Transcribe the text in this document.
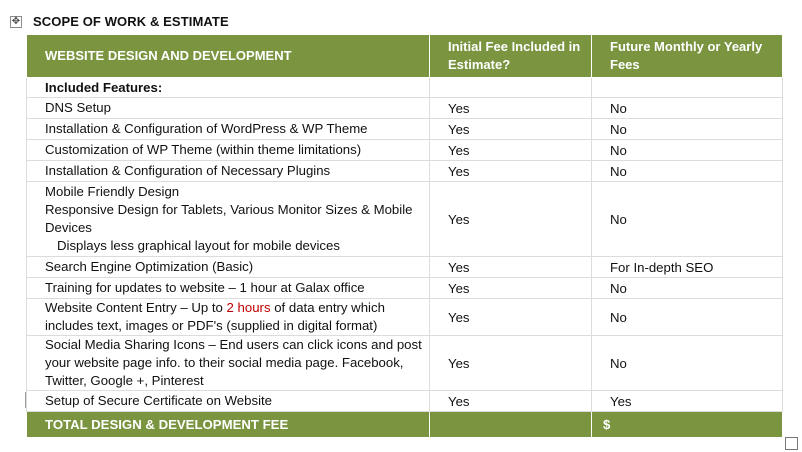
✥ SCOPE OF WORK & ESTIMATE
WEBSITE DESIGN AND DEVELOPMENT	Initial Fee Included in Estimate?	Future Monthly or Yearly Fees
Included Features:		
DNS Setup	Yes	No
Installation & Configuration of WordPress & WP Theme	Yes	No
Customization of WP Theme (within theme limitations)	Yes	No
Installation & Configuration of Necessary Plugins	Yes	No

Mobile Friendly Design
Responsive Design for Tablets, Various Monitor Sizes & Mobile Devices
Displays less graphical layout for mobile devices	Yes	No
Search Engine Optimization (Basic)	Yes	For In-depth SEO
Training for updates to website – 1 hour at Galax office	Yes	No
Website Content Entry – Up to 2 hours of data entry which includes text, images or PDF's (supplied in digital format)	Yes	No
Social Media Sharing Icons – End users can click icons and post your website page info. to their social media page. Facebook, Twitter, Google +, Pinterest	Yes	No
Setup of Secure Certificate on Website	Yes	Yes
TOTAL DESIGN & DEVELOPMENT FEE		$
